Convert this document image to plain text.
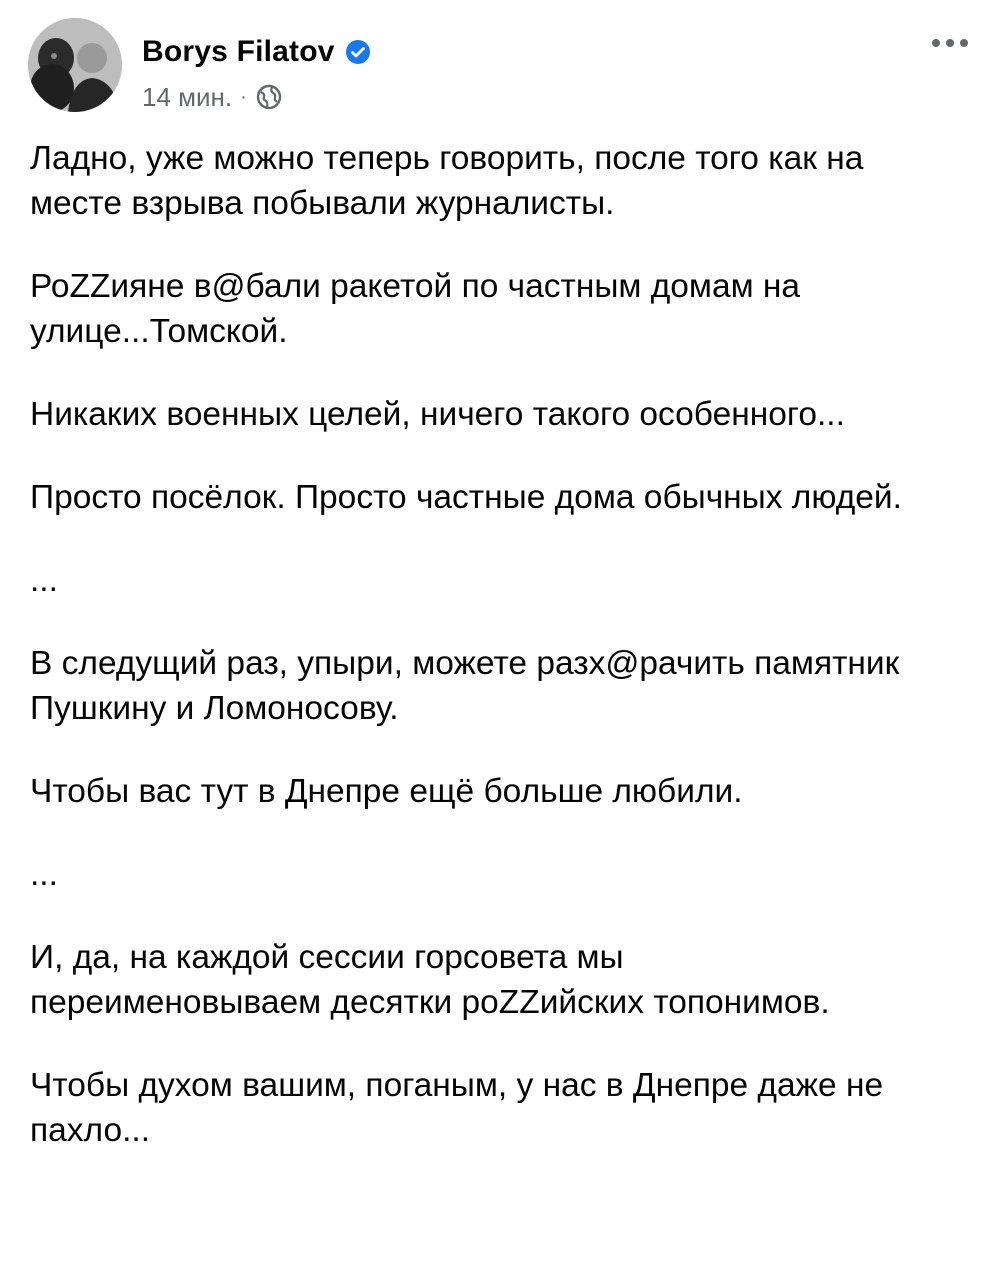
Borys Filatov
14 мин. ·

Ладно, уже можно теперь говорить, после того как на
месте взрыва побывали журналисты.

РоZZияне в@бали ракетой по частным домам на
улице...Томской.

Никаких военных целей, ничего такого особенного...

Просто посёлок. Просто частные дома обычных людей.

...

В следущий раз, упыри, можете разх@рачить памятник
Пушкину и Ломоносову.

Чтобы вас тут в Днепре ещё больше любили.

...

И, да, на каждой сессии горсовета мы
переименовываем десятки роZZийских топонимов.

Чтобы духом вашим, поганым, у нас в Днепре даже не
пахло...
